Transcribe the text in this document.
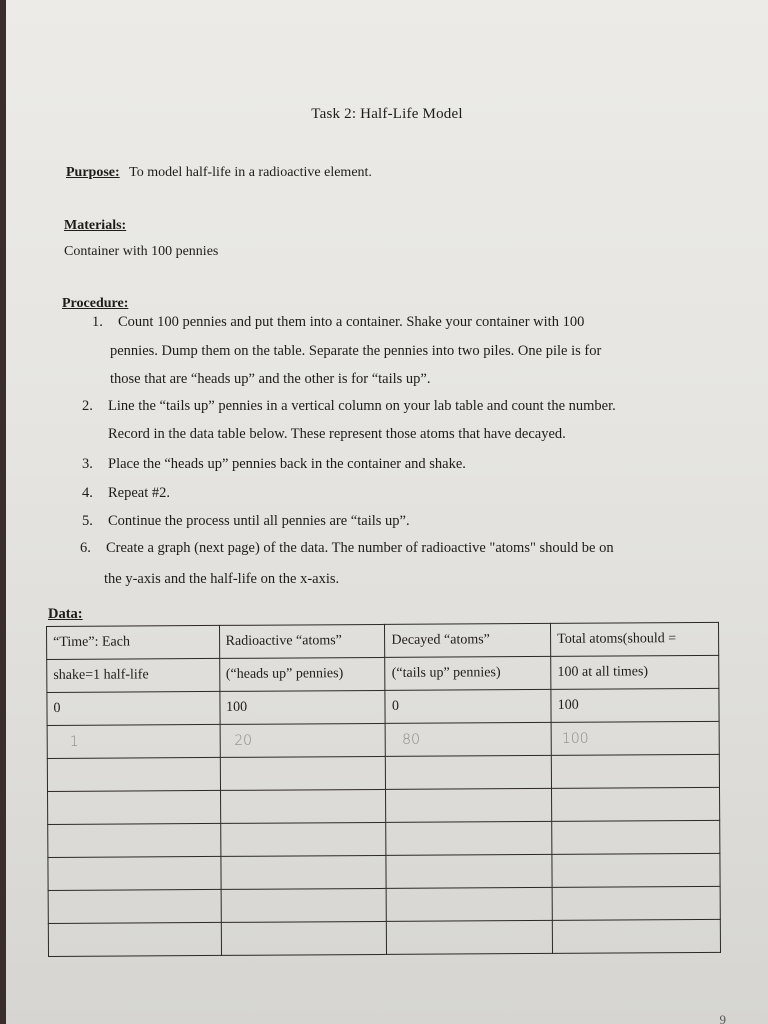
Task 2: Half-Life Model
Purpose: To model half-life in a radioactive element.
Materials:
Container with 100 pennies
Procedure:
1. Count 100 pennies and put them into a container. Shake your container with 100
pennies. Dump them on the table. Separate the pennies into two piles. One pile is for
those that are “heads up” and the other is for “tails up”.
2. Line the “tails up” pennies in a vertical column on your lab table and count the number.
Record in the data table below. These represent those atoms that have decayed.
3. Place the “heads up” pennies back in the container and shake.
4. Repeat #2.
5. Continue the process until all pennies are “tails up”.
6. Create a graph (next page) of the data. The number of radioactive "atoms" should be on
the y-axis and the half-life on the x-axis.
Data:
“Time”: Each	Radioactive “atoms”	Decayed “atoms”	Total atoms(should =
shake=1 half-life	(“heads up” pennies)	(“tails up” pennies)	100 at all times)
0	100	0	100
1	20	80	100

9
